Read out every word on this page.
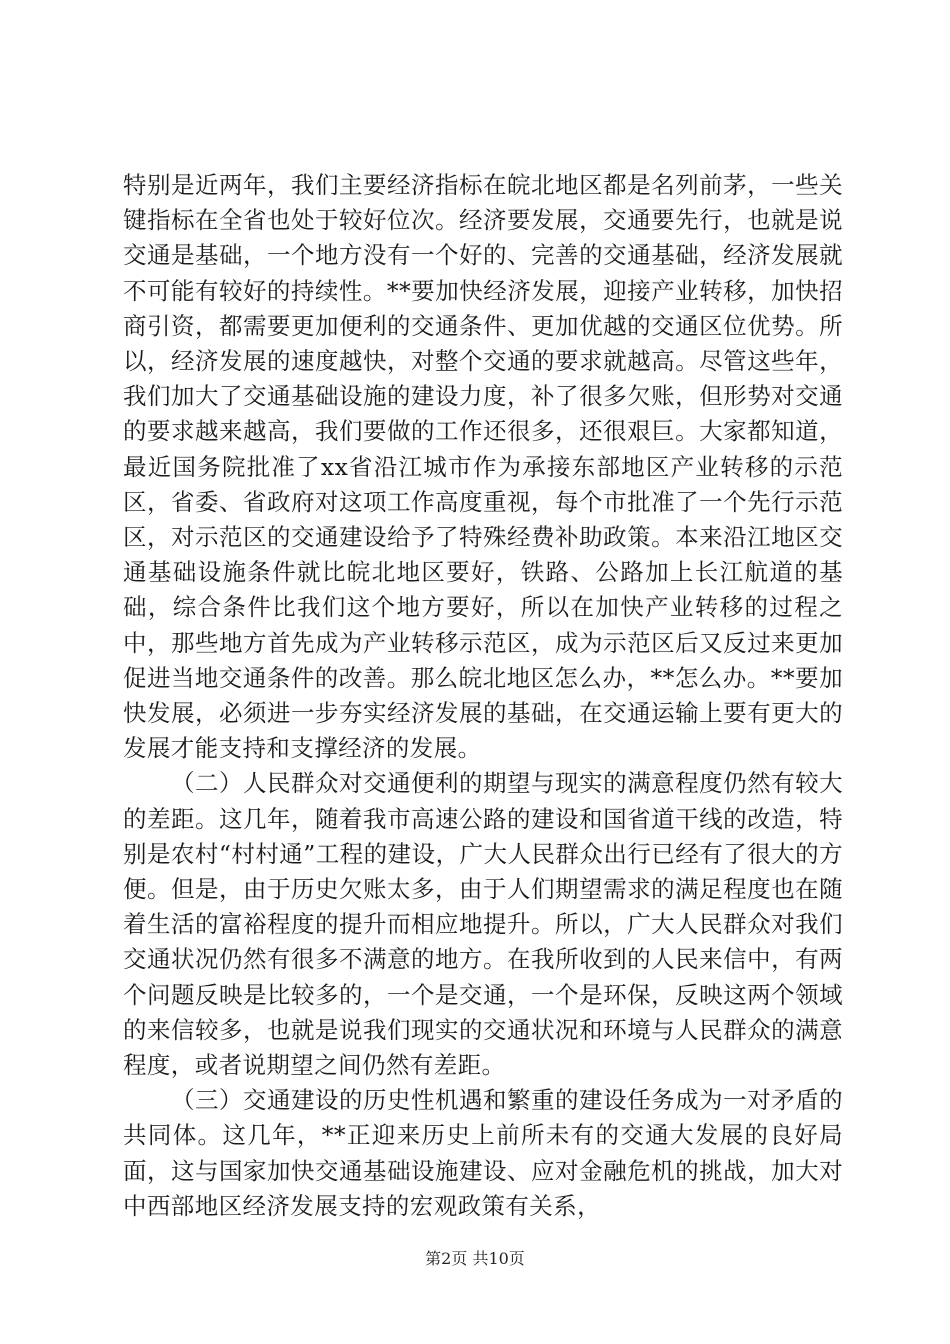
特别是近两年，我们主要经济指标在皖北地区都是名列前茅，一些关键指标在全省也处于较好位次。经济要发展，交通要先行，也就是说交通是基础，一个地方没有一个好的、完善的交通基础，经济发展就不可能有较好的持续性。**要加快经济发展，迎接产业转移，加快招商引资，都需要更加便利的交通条件、更加优越的交通区位优势。所以，经济发展的速度越快，对整个交通的要求就越高。尽管这些年，我们加大了交通基础设施的建设力度，补了很多欠账，但形势对交通的要求越来越高，我们要做的工作还很多，还很艰巨。大家都知道，最近国务院批准了xx省沿江城市作为承接东部地区产业转移的示范区，省委、省政府对这项工作高度重视，每个市批准了一个先行示范区，对示范区的交通建设给予了特殊经费补助政策。本来沿江地区交通基础设施条件就比皖北地区要好，铁路、公路加上长江航道的基础，综合条件比我们这个地方要好，所以在加快产业转移的过程之中，那些地方首先成为产业转移示范区，成为示范区后又反过来更加促进当地交通条件的改善。那么皖北地区怎么办，**怎么办。**要加快发展，必须进一步夯实经济发展的基础，在交通运输上要有更大的发展才能支持和支撑经济的发展。

（二）人民群众对交通便利的期望与现实的满意程度仍然有较大的差距。这几年，随着我市高速公路的建设和国省道干线的改造，特别是农村“村村通”工程的建设，广大人民群众出行已经有了很大的方便。但是，由于历史欠账太多，由于人们期望需求的满足程度也在随着生活的富裕程度的提升而相应地提升。所以，广大人民群众对我们交通状况仍然有很多不满意的地方。在我所收到的人民来信中，有两个问题反映是比较多的，一个是交通，一个是环保，反映这两个领域的来信较多，也就是说我们现实的交通状况和环境与人民群众的满意程度，或者说期望之间仍然有差距。

（三）交通建设的历史性机遇和繁重的建设任务成为一对矛盾的共同体。这几年，**正迎来历史上前所未有的交通大发展的良好局面，这与国家加快交通基础设施建设、应对金融危机的挑战，加大对中西部地区经济发展支持的宏观政策有关系，

第2页 共10页
